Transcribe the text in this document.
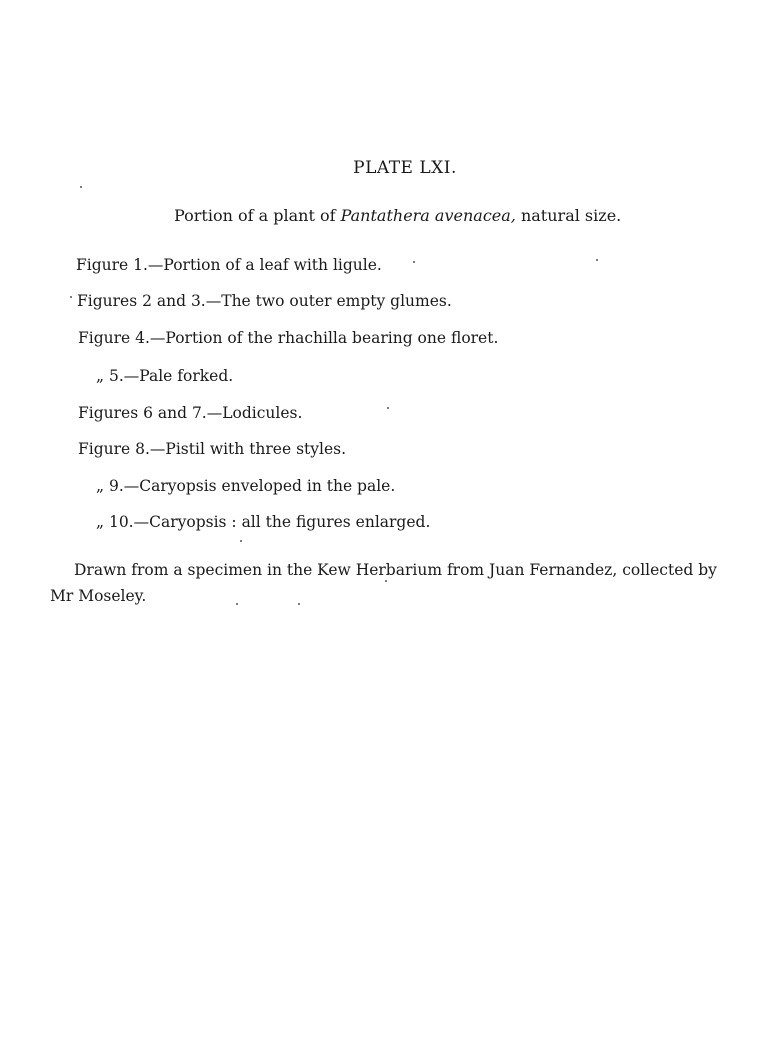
PLATE LXI.
Portion of a plant of Pantathera avenacea, natural size.
Figure 1.—Portion of a leaf with ligule.
Figures 2 and 3.—The two outer empty glumes.
Figure 4.—Portion of the rhachilla bearing one floret.
„ 5.—Pale forked.
Figures 6 and 7.—Lodicules.
Figure 8.—Pistil with three styles.
„ 9.—Caryopsis enveloped in the pale.
„ 10.—Caryopsis : all the figures enlarged.
Drawn from a specimen in the Kew Herbarium from Juan Fernandez, collected by Mr Moseley.
